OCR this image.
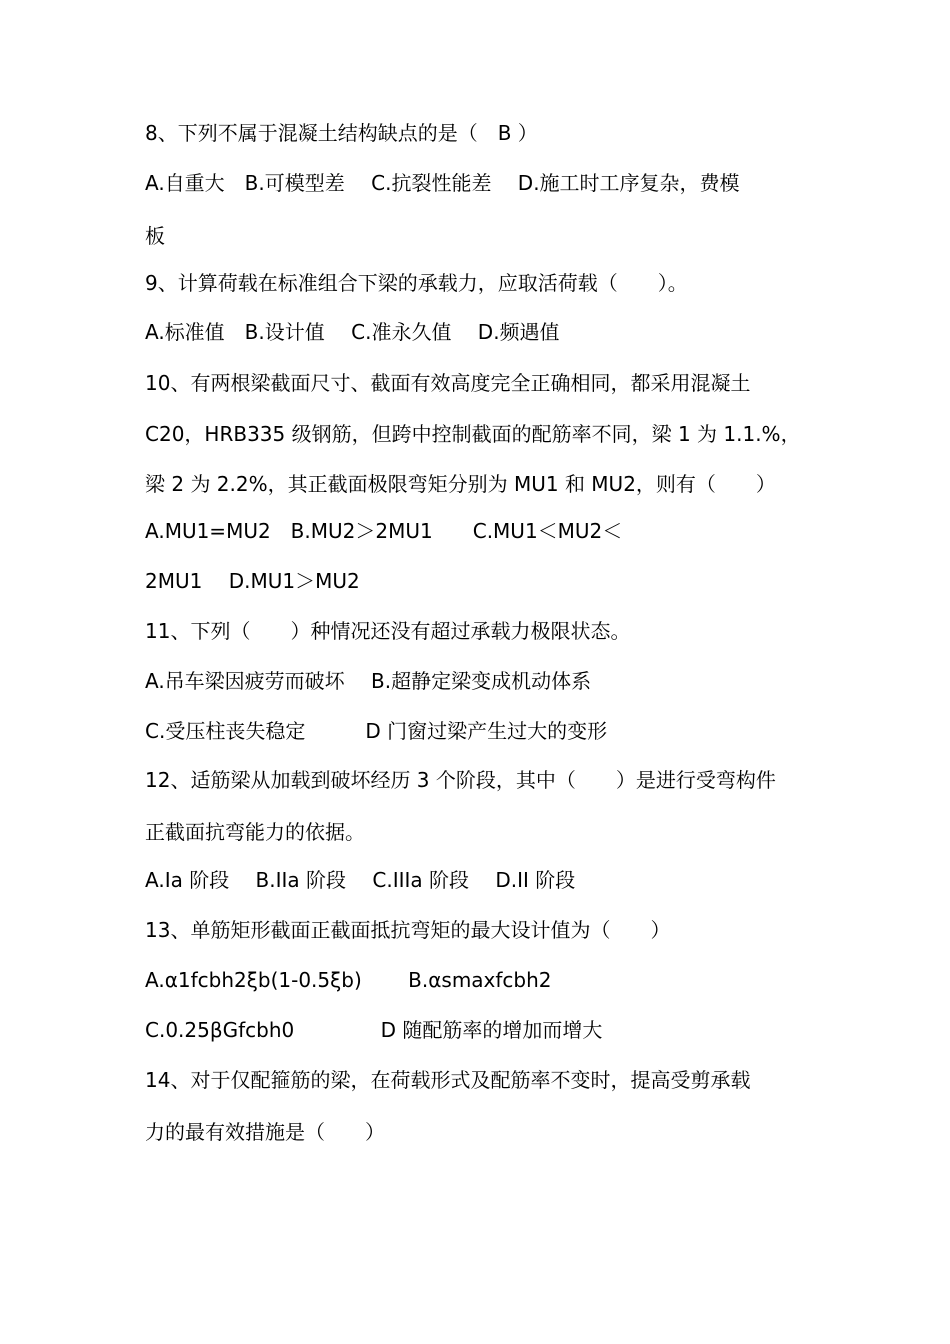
8、下列不属于混凝土结构缺点的是（　B ）
A.自重大　B.可模型差　 C.抗裂性能差　 D.施工时工序复杂，费模
板
9、计算荷载在标准组合下梁的承载力，应取活荷载（　　）。
A.标准值　B.设计值　 C.准永久值　 D.频遇值
10、有两根梁截面尺寸、截面有效高度完全正确相同，都采用混凝土
C20，HRB335 级钢筋，但跨中控制截面的配筋率不同，梁 1 为 1.1.%，
梁 2 为 2.2%，其正截面极限弯矩分别为 MU1 和 MU2，则有（　　）
A.MU1=MU2　B.MU2＞2MU1　　C.MU1＜MU2＜
2MU1　 D.MU1＞MU2
11、下列（　　）种情况还没有超过承载力极限状态。
A.吊车梁因疲劳而破坏　 B.超静定梁变成机动体系
C.受压柱丧失稳定　　　D 门窗过梁产生过大的变形
12、适筋梁从加载到破坏经历 3 个阶段，其中（　　）是进行受弯构件
正截面抗弯能力的依据。
A.Ia 阶段　 B.IIa 阶段　 C.IIIa 阶段　 D.II 阶段
13、单筋矩形截面正截面抵抗弯矩的最大设计值为（　　）
A.α1fcbh2ξb(1-0.5ξb)　　 B.αsmaxfcbh2
C.0.25βGfcbh0　　　　 D 随配筋率的增加而增大
14、对于仅配箍筋的梁，在荷载形式及配筋率不变时，提高受剪承载
力的最有效措施是（　　）
